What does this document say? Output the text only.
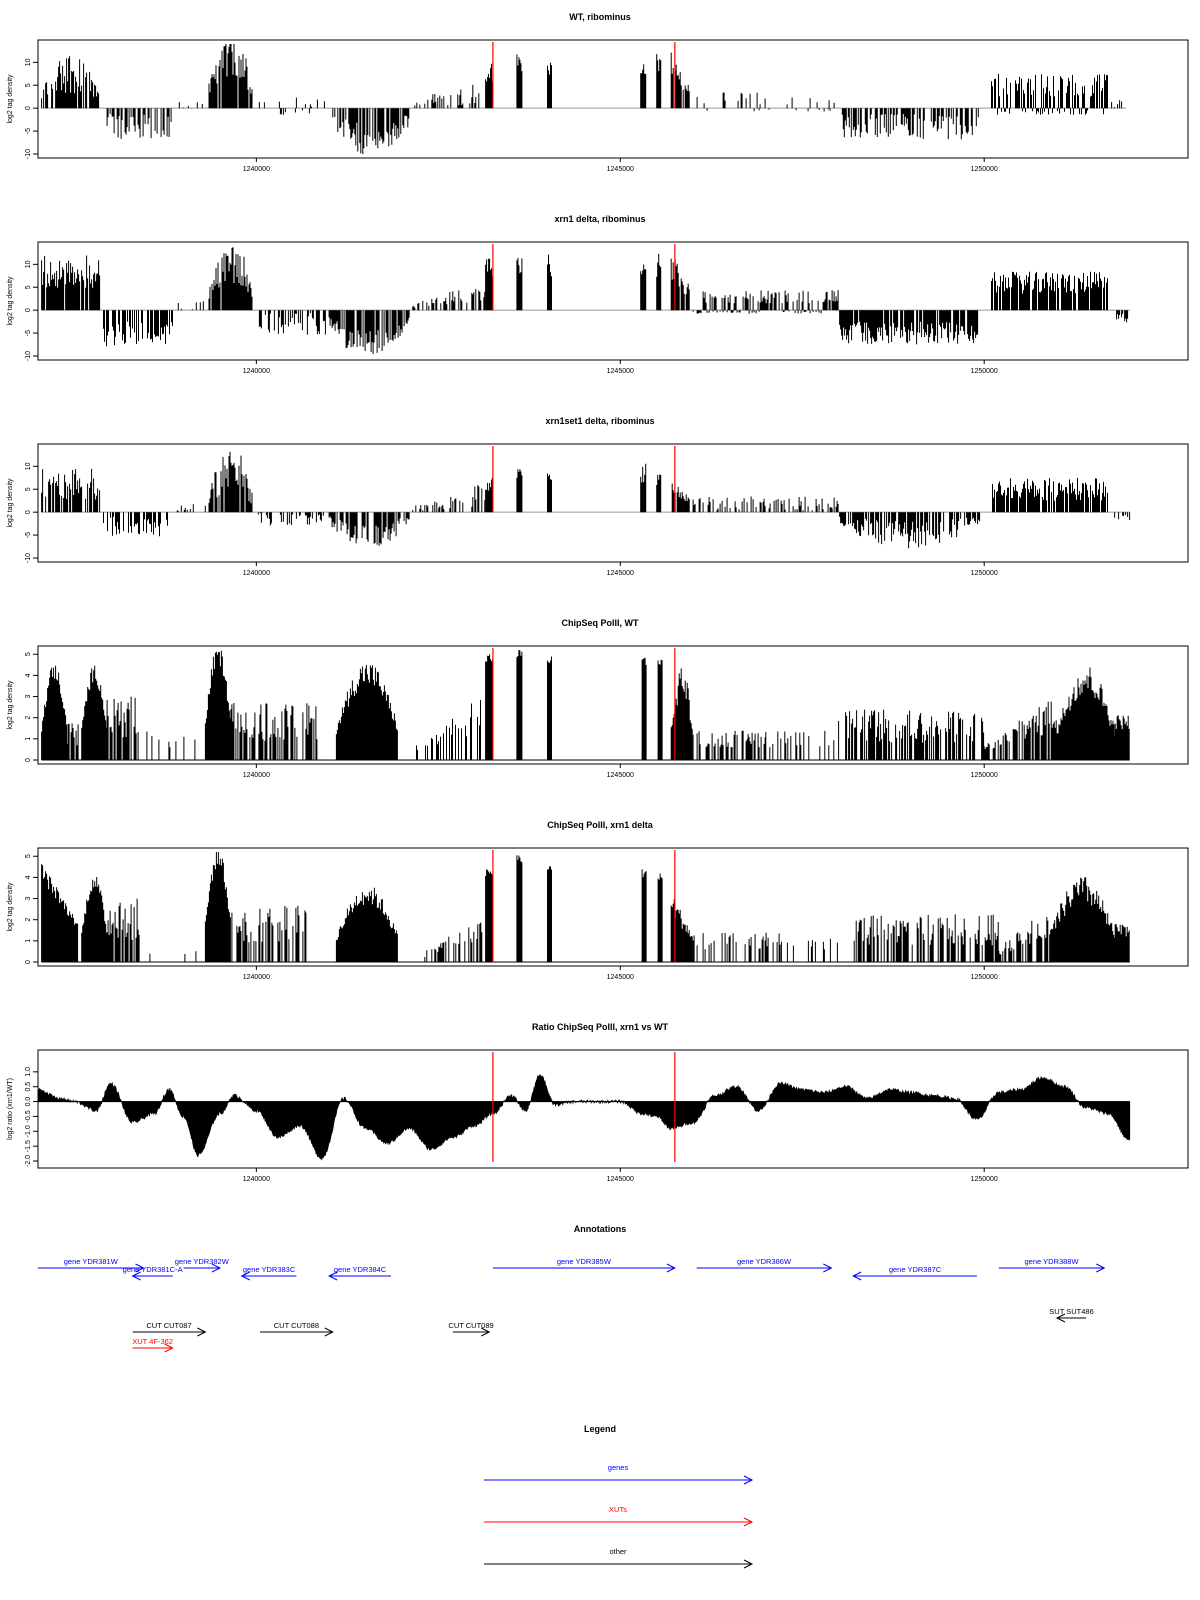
WT, ribominus
log2 tag density
-10
-5
0
5
10
1240000	1245000	1250000
xrn1 delta, ribominus
log2 tag density
-10
-5
0
5
10
1240000	1245000	1250000
xrn1set1 delta, ribominus
log2 tag density
-10
-5
0
5
10
1240000	1245000	1250000
ChipSeq PolII, WT
log2 tag density
0
1
2
3
4
5
1240000	1245000	1250000
ChipSeq PolII, xrn1 delta
log2 tag density
0
1
2
3
4
5
1240000	1245000	1250000
Ratio ChipSeq PolII, xrn1 vs WT
log2 ratio (xrn1/WT)
-2.0
-1.5
-1.0
-0.5
0.0
0.5
1.0
1240000	1245000	1250000
Annotations
gene YDR381W
gene YDR381C-A
gene YDR382W
gene YDR383C	gene YDR384C
gene YDR385W	gene YDR386W
gene YDR387C
gene YDR388W
CUT CUT087	CUT CUT088	CUT CUT089
SUT SUT486
XUT 4F-362
Legend
genes
XUTs
other
